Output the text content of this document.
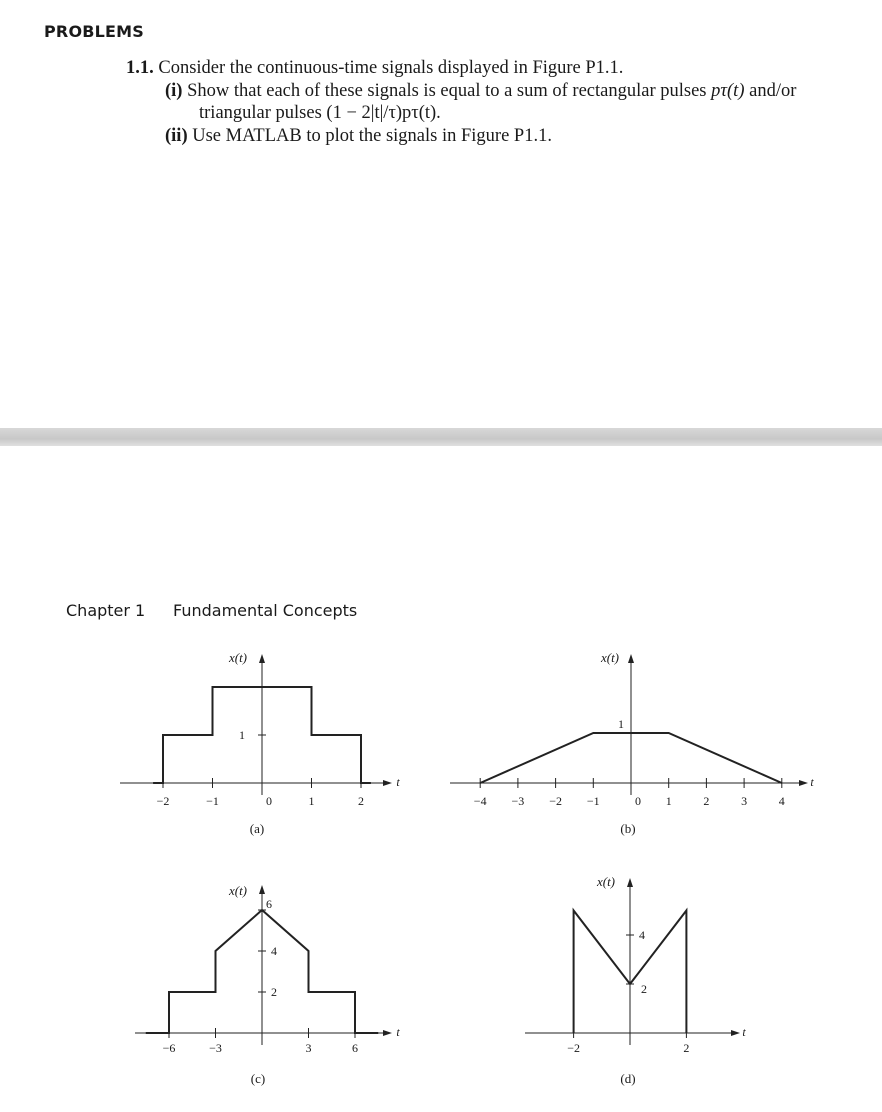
PROBLEMS
1.1. Consider the continuous-time signals displayed in Figure P1.1.
(i) Show that each of these signals is equal to a sum of rectangular pulses pτ(t) and/or
triangular pulses (1 − 2|t|/τ)pτ(t).
(ii) Use MATLAB to plot the signals in Figure P1.1.
Chapter 1 Fundamental Concepts
−2	−1	0	1	2
1
x(t)
t
(a)
−4 −3 −2 −1	0 1	2	3	4
1
x(t)
t
(b)
−6	−3	3	6
6
4
2
x(t)
t
(c)
−2	2
4
2
x(t)
t
(d)
